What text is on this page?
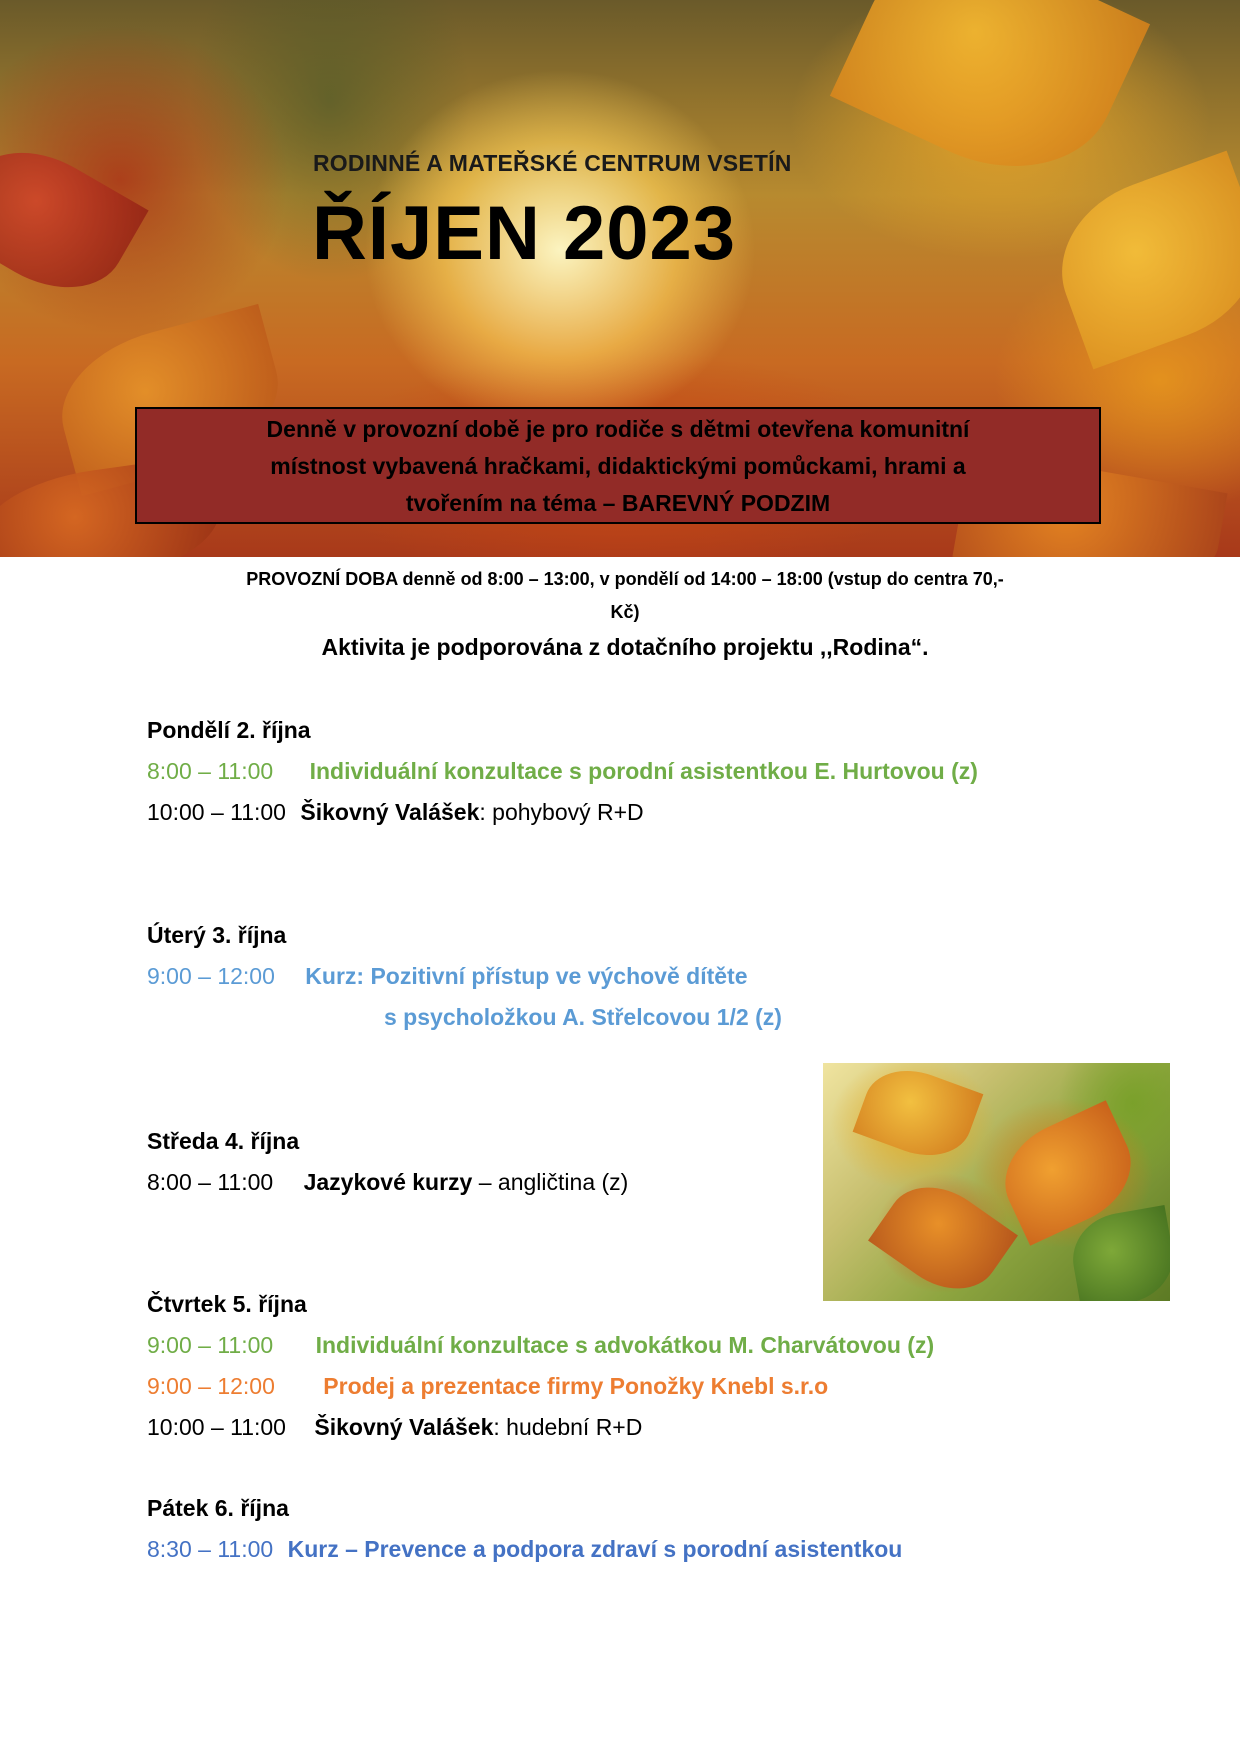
RODINNÉ A MATEŘSKÉ CENTRUM VSETÍN
ŘÍJEN 2023
Denně v provozní době je pro rodiče s dětmi otevřena komunitní
místnost vybavená hračkami, didaktickými pomůckami, hrami a
tvořením na téma – BAREVNÝ PODZIM
PROVOZNÍ DOBA denně od 8:00 – 13:00, v pondělí od 14:00 – 18:00 (vstup do centra 70,-
Kč)
Aktivita je podporována z dotačního projektu ,,Rodina“.
Pondělí 2. října
8:00 – 11:00 Individuální konzultace s porodní asistentkou E. Hurtovou (z)
10:00 – 11:00 Šikovný Valášek: pohybový R+D
Úterý 3. října
9:00 – 12:00 Kurz: Pozitivní přístup ve výchově dítěte
s psycholožkou A. Střelcovou 1/2 (z)
Středa 4. října
8:00 – 11:00 Jazykové kurzy – angličtina (z)
Čtvrtek 5. října
9:00 – 11:00 Individuální konzultace s advokátkou M. Charvátovou (z)
9:00 – 12:00 Prodej a prezentace firmy Ponožky Knebl s.r.o
10:00 – 11:00 Šikovný Valášek: hudební R+D
Pátek 6. října
8:30 – 11:00 Kurz – Prevence a podpora zdraví s porodní asistentkou
